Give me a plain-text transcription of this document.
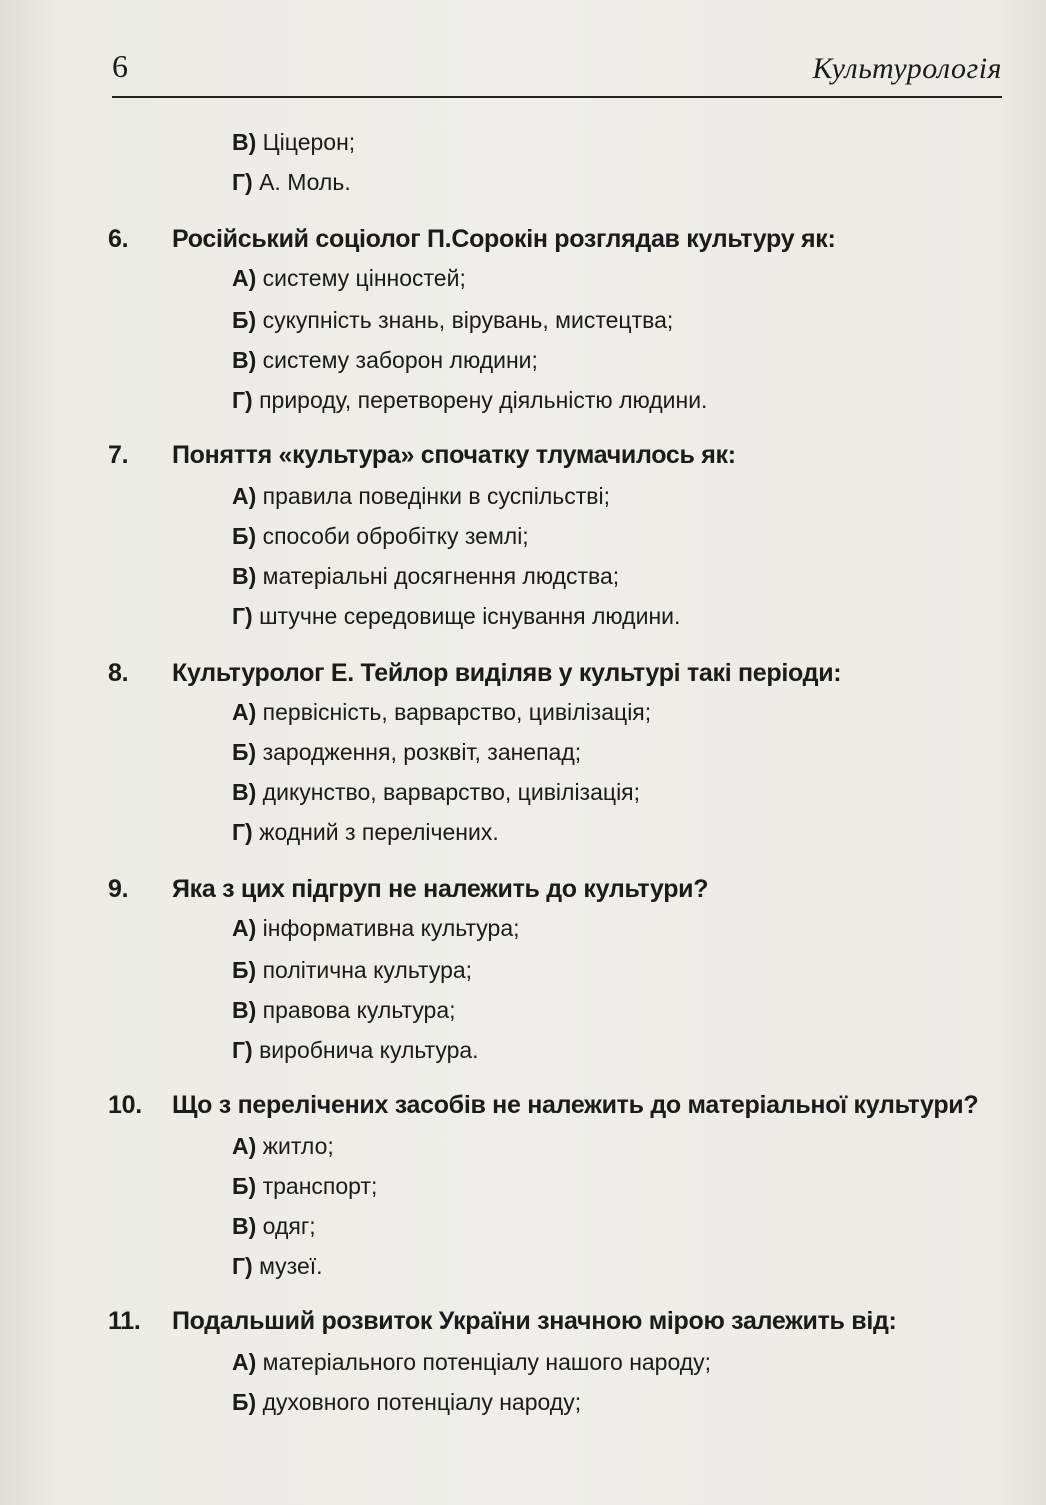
6	Культурологія
В) Ціцерон;
Г) А. Моль.
6. Російський соціолог П.Сорокін розглядав культуру як:
А) систему цінностей;
Б) сукупність знань, вірувань, мистецтва;
В) систему заборон людини;
Г) природу, перетворену діяльністю людини.
7. Поняття «культура» спочатку тлумачилось як:
А) правила поведінки в суспільстві;
Б) способи обробітку землі;
В) матеріальні досягнення людства;
Г) штучне середовище існування людини.
8. Культуролог Е. Тейлор виділяв у культурі такі періоди:
А) первісність, варварство, цивілізація;
Б) зародження, розквіт, занепад;
В) дикунство, варварство, цивілізація;
Г) жодний з перелічених.
9. Яка з цих підгруп не належить до культури?
А) інформативна культура;
Б) політична культура;
В) правова культура;
Г) виробнича культура.
10. Що з перелічених засобів не належить до матеріальної культури?
А) житло;
Б) транспорт;
В) одяг;
Г) музеї.
11. Подальший розвиток України значною мірою залежить від:
А) матеріального потенціалу нашого народу;
Б) духовного потенціалу народу;
